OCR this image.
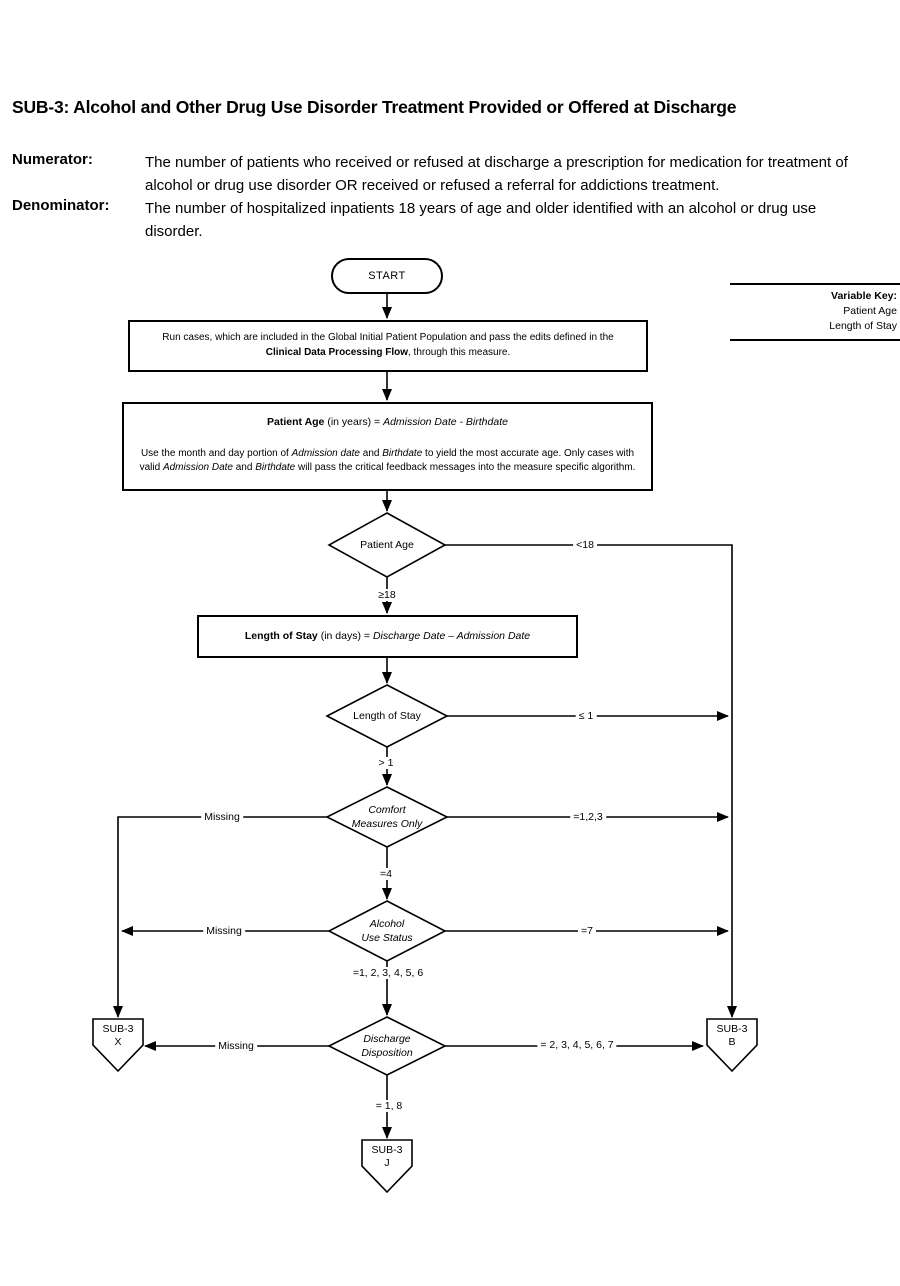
SUB-3: Alcohol and Other Drug Use Disorder Treatment Provided or Offered at Discharge
Numerator:	The number of patients who received or refused at discharge a prescription for medication for treatment of alcohol or drug use disorder OR received or refused a referral for addictions treatment.
Denominator: The number of hospitalized inpatients 18 years of age and older identified with an alcohol or drug use disorder.
Variable Key:
Patient Age
Length of Stay
START
Run cases, which are included in the Global Initial Patient Population and pass the edits defined in the
Clinical Data Processing Flow, through this measure.
Patient Age (in years) = Admission Date - Birthdate
Use the month and day portion of Admission date and Birthdate to yield the most accurate age. Only cases with
valid Admission Date and Birthdate will pass the critical feedback messages into the measure specific algorithm.
Length of Stay (in days) = Discharge Date – Admission Date
Patient Age
Length of Stay
Comfort
Measures Only
Alcohol
Use Status
Discharge
Disposition
<18
≥18
≤ 1
> 1
Missing	=1,2,3
=4
Missing	=7
=1, 2, 3, 4, 5, 6
Missing	= 2, 3, 4, 5, 6, 7
= 1, 8
SUB-3
X
SUB-3
B
SUB-3
J
